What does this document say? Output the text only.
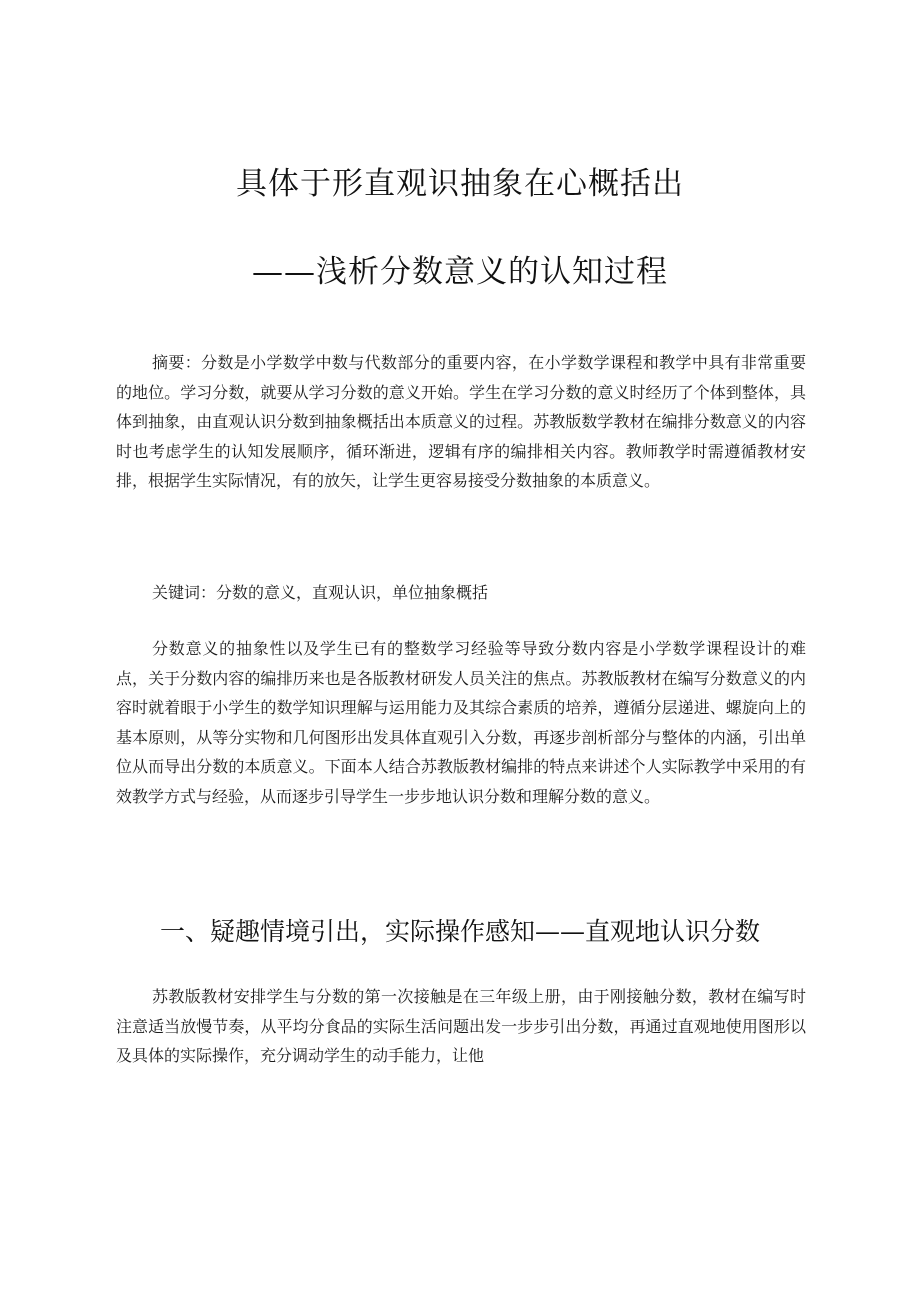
具体于形直观识抽象在心概括出
——浅析分数意义的认知过程

摘要：分数是小学数学中数与代数部分的重要内容，在小学数学课程和教学中具有非常重要的地位。学习分数，就要从学习分数的意义开始。学生在学习分数的意义时经历了个体到整体，具体到抽象，由直观认识分数到抽象概括出本质意义的过程。苏教版数学教材在编排分数意义的内容时也考虑学生的认知发展顺序，循环渐进，逻辑有序的编排相关内容。教师教学时需遵循教材安排，根据学生实际情况，有的放矢，让学生更容易接受分数抽象的本质意义。

关键词：分数的意义，直观认识，单位抽象概括

分数意义的抽象性以及学生已有的整数学习经验等导致分数内容是小学数学课程设计的难点，关于分数内容的编排历来也是各版教材研发人员关注的焦点。苏教版教材在编写分数意义的内容时就着眼于小学生的数学知识理解与运用能力及其综合素质的培养，遵循分层递进、螺旋向上的基本原则，从等分实物和几何图形出发具体直观引入分数，再逐步剖析部分与整体的内涵，引出单位从而导出分数的本质意义。下面本人结合苏教版教材编排的特点来讲述个人实际教学中采用的有效教学方式与经验，从而逐步引导学生一步步地认识分数和理解分数的意义。

一、疑趣情境引出，实际操作感知——直观地认识分数

苏教版教材安排学生与分数的第一次接触是在三年级上册，由于刚接触分数，教材在编写时注意适当放慢节奏，从平均分食品的实际生活问题出发一步步引出分数，再通过直观地使用图形以及具体的实际操作，充分调动学生的动手能力，让他
